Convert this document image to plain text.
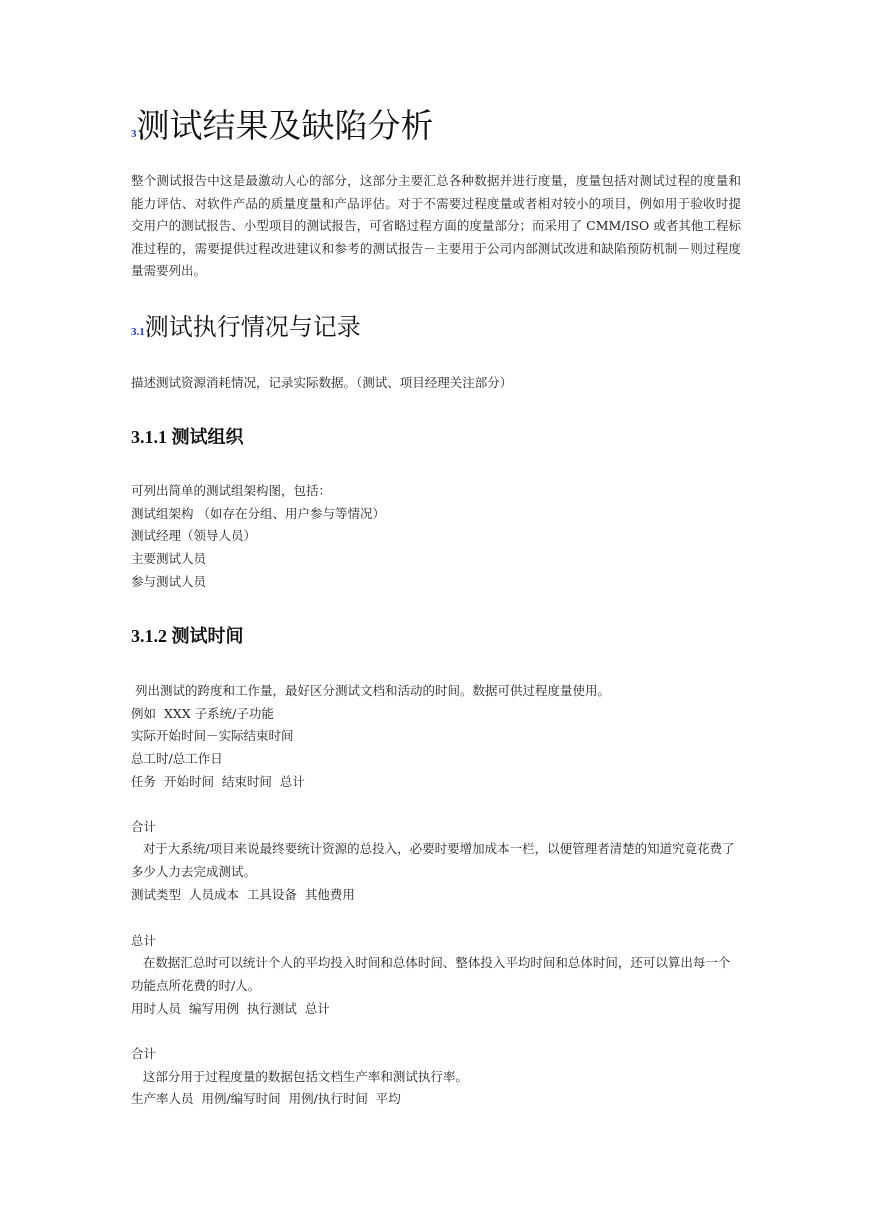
3测试结果及缺陷分析

整个测试报告中这是最激动人心的部分，这部分主要汇总各种数据并进行度量，度量包括对测试过程的度量和能力评估、对软件产品的质量度量和产品评估。对于不需要过程度量或者相对较小的项目，例如用于验收时提交用户的测试报告、小型项目的测试报告，可省略过程方面的度量部分；而采用了 CMM/ISO 或者其他工程标准过程的，需要提供过程改进建议和参考的测试报告－主要用于公司内部测试改进和缺陷预防机制－则过程度量需要列出。

3.1测试执行情况与记录
描述测试资源消耗情况，记录实际数据。（测试、项目经理关注部分）
3.1.1 测试组织
可列出简单的测试组架构图，包括：
测试组架构 （如存在分组、用户参与等情况）
测试经理（领导人员）
主要测试人员
参与测试人员
3.1.2 测试时间
列出测试的跨度和工作量，最好区分测试文档和活动的时间。数据可供过程度量使用。
例如  XXX 子系统/子功能
实际开始时间－实际结束时间
总工时/总工作日
任务  开始时间  结束时间  总计
合计

对于大系统/项目来说最终要统计资源的总投入，必要时要增加成本一栏，以便管理者清楚的知道究竟花费了多少人力去完成测试。

测试类型  人员成本  工具设备  其他费用
总计

在数据汇总时可以统计个人的平均投入时间和总体时间、整体投入平均时间和总体时间，还可以算出每一个功能点所花费的时/人。

用时人员  编写用例  执行测试  总计
合计
这部分用于过程度量的数据包括文档生产率和测试执行率。
生产率人员  用例/编写时间  用例/执行时间  平均
